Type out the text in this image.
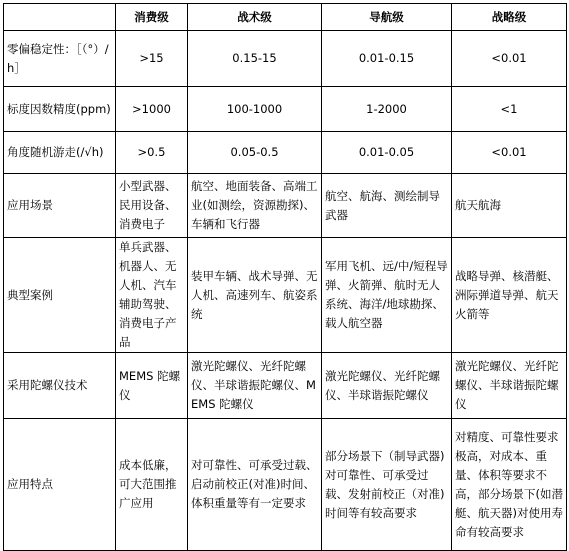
	消费级	战术级	导航级	战略级
零偏稳定性：［（°）/h］	>15	0.15-15	0.01-0.15	<0.01
标度因数精度(ppm)	>1000	100-1000	1-2000	<1
角度随机游走(/√h)	>0.5	0.05-0.5	0.01-0.05	<0.01
应用场景	小型武器、民用设备、消费电子	航空、地面装备、高端工业(如测绘，资源勘探)、车辆和飞行器	航空、航海、测绘制导武器	航天航海
典型案例	单兵武器、机器人、无人机、汽车辅助驾驶、消费电子产品	装甲车辆、战术导弹、无人机、高速列车、航姿系统	军用飞机、远/中/短程导弹、火箭弹、航时无人系统、海洋/地球勘探、载人航空器	战略导弹、核潜艇、洲际弹道导弹、航天火箭等
采用陀螺仪技术	MEMS 陀螺仪	激光陀螺仪、光纤陀螺仪、半球谐振陀螺仪、MEMS 陀螺仪	激光陀螺仪、光纤陀螺仪、半球谐振陀螺仪	激光陀螺仪、光纤陀螺仪、半球谐振陀螺仪
应用特点	成本低廉，可大范围推广应用	对可靠性、可承受过载、启动前校正(对准)时间、体积重量等有一定要求	部分场景下（制导武器)对可靠性、可承受过载、发射前校正（对准)时间等有较高要求	对精度、可靠性要求极高，对成本、重量、体积等要求不高，部分场景下(如潜艇、航天器)对使用寿命有较高要求
